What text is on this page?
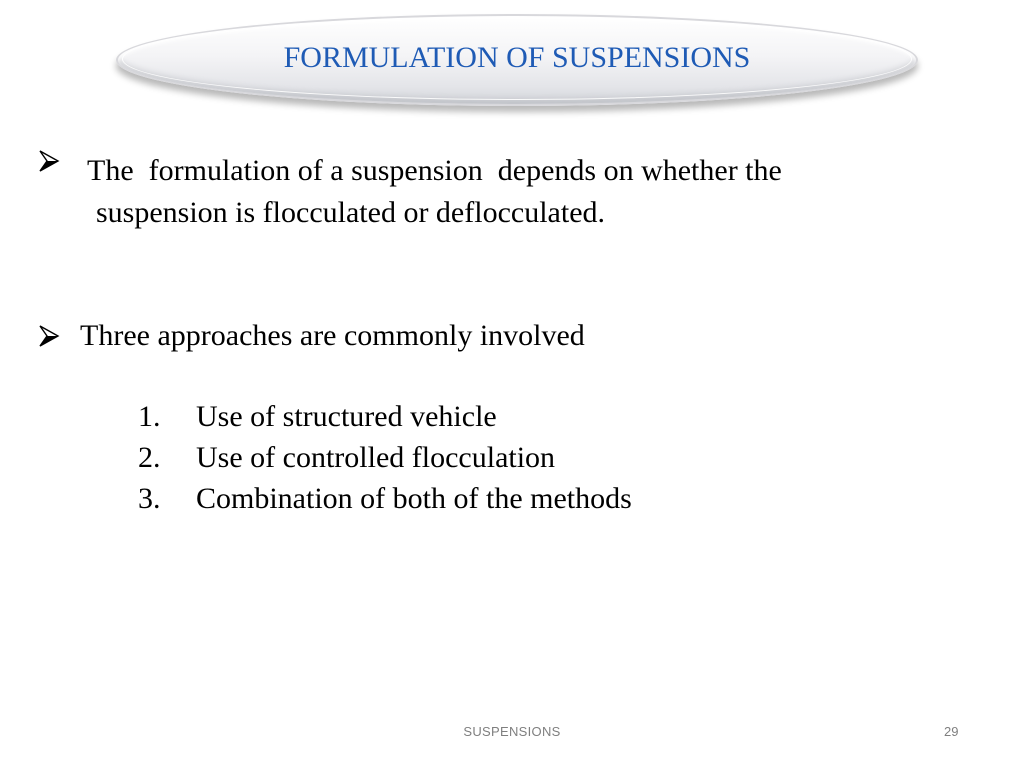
FORMULATION OF SUSPENSIONS
The  formulation of a suspension  depends on whether the
suspension is flocculated or deflocculated.
Three approaches are commonly involved
1.	Use of structured vehicle
2.	Use of controlled flocculation
3.	Combination of both of the methods
SUSPENSIONS	29
